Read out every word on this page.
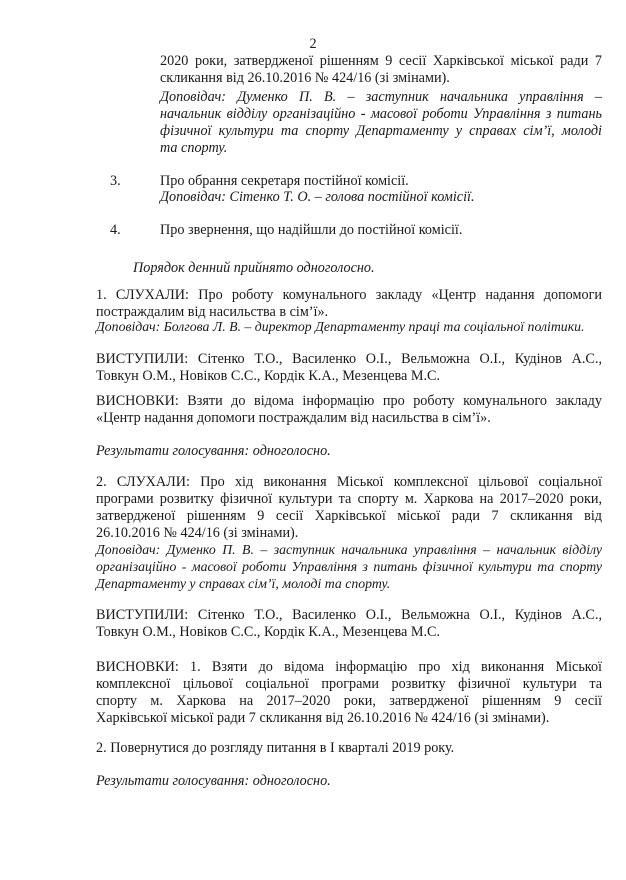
2
2020 роки, затвердженої рішенням 9 сесії Харківської міської ради 7
скликання від 26.10.2016 № 424/16 (зі змінами).
Доповідач: Думенко П. В. – заступник начальника управління –
начальник відділу організаційно - масової роботи Управління з питань
фізичної культури та спорту Департаменту у справах сім’ї, молоді
та спорту.
3.	Про обрання секретаря постійної комісії.
Доповідач: Сітенко Т. О. – голова постійної комісії.
4.	Про звернення, що надійшли до постійної комісії.
Порядок денний прийнято одноголосно.
1. СЛУХАЛИ: Про роботу комунального закладу «Центр надання допомоги
постраждалим від насильства в сім’ї».
Доповідач: Болгова Л. В. – директор Департаменту праці та соціальної політики.
ВИСТУПИЛИ: Сітенко Т.О., Василенко О.І., Вельможна О.І., Кудінов А.С.,
Товкун О.М., Новіков С.С., Кордік К.А., Мезенцева М.С.
ВИСНОВКИ: Взяти до відома інформацію про роботу комунального закладу
«Центр надання допомоги постраждалим від насильства в сім’ї».
Результати голосування: одноголосно.
2. СЛУХАЛИ: Про хід виконання Міської комплексної цільової соціальної
програми розвитку фізичної культури та спорту м. Харкова на 2017–2020 роки,
затвердженої рішенням 9 сесії Харківської міської ради 7 скликання від
26.10.2016 № 424/16 (зі змінами).
Доповідач: Думенко П. В. – заступник начальника управління – начальник відділу
організаційно - масової роботи Управління з питань фізичної культури та спорту
Департаменту у справах сім’ї, молоді та спорту.
ВИСТУПИЛИ: Сітенко Т.О., Василенко О.І., Вельможна О.І., Кудінов А.С.,
Товкун О.М., Новіков С.С., Кордік К.А., Мезенцева М.С.
ВИСНОВКИ: 1. Взяти до відома інформацію про хід виконання Міської
комплексної цільової соціальної програми розвитку фізичної культури та
спорту м. Харкова на 2017–2020 роки, затвердженої рішенням 9 сесії
Харківської міської ради 7 скликання від 26.10.2016 № 424/16 (зі змінами).
2. Повернутися до розгляду питання в I кварталі 2019 року.
Результати голосування: одноголосно.
